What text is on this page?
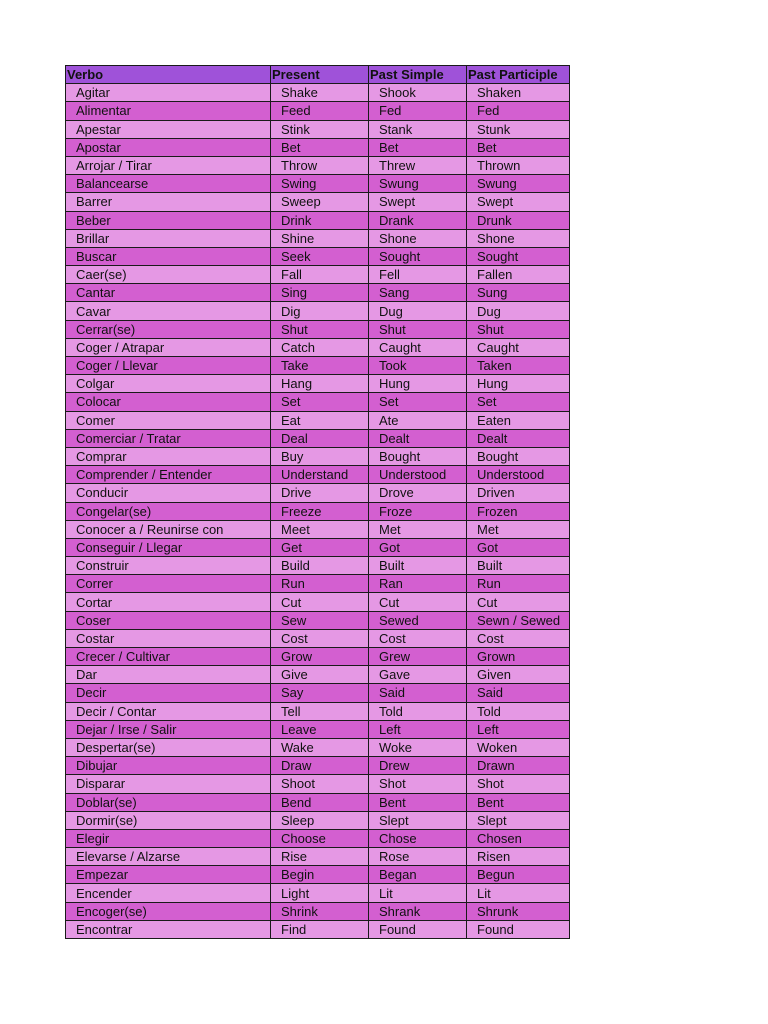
Verbo	Present	Past Simple	Past Participle
Agitar	Shake	Shook	Shaken
Alimentar	Feed	Fed	Fed
Apestar	Stink	Stank	Stunk
Apostar	Bet	Bet	Bet
Arrojar / Tirar	Throw	Threw	Thrown
Balancearse	Swing	Swung	Swung
Barrer	Sweep	Swept	Swept
Beber	Drink	Drank	Drunk
Brillar	Shine	Shone	Shone
Buscar	Seek	Sought	Sought
Caer(se)	Fall	Fell	Fallen
Cantar	Sing	Sang	Sung
Cavar	Dig	Dug	Dug
Cerrar(se)	Shut	Shut	Shut
Coger / Atrapar	Catch	Caught	Caught
Coger / Llevar	Take	Took	Taken
Colgar	Hang	Hung	Hung
Colocar	Set	Set	Set
Comer	Eat	Ate	Eaten
Comerciar / Tratar	Deal	Dealt	Dealt
Comprar	Buy	Bought	Bought
Comprender / Entender	Understand	Understood	Understood
Conducir	Drive	Drove	Driven
Congelar(se)	Freeze	Froze	Frozen
Conocer a / Reunirse con	Meet	Met	Met
Conseguir / Llegar	Get	Got	Got
Construir	Build	Built	Built
Correr	Run	Ran	Run
Cortar	Cut	Cut	Cut
Coser	Sew	Sewed	Sewn / Sewed
Costar	Cost	Cost	Cost
Crecer / Cultivar	Grow	Grew	Grown
Dar	Give	Gave	Given
Decir	Say	Said	Said
Decir / Contar	Tell	Told	Told
Dejar / Irse / Salir	Leave	Left	Left
Despertar(se)	Wake	Woke	Woken
Dibujar	Draw	Drew	Drawn
Disparar	Shoot	Shot	Shot
Doblar(se)	Bend	Bent	Bent
Dormir(se)	Sleep	Slept	Slept
Elegir	Choose	Chose	Chosen
Elevarse / Alzarse	Rise	Rose	Risen
Empezar	Begin	Began	Begun
Encender	Light	Lit	Lit
Encoger(se)	Shrink	Shrank	Shrunk
Encontrar	Find	Found	Found
